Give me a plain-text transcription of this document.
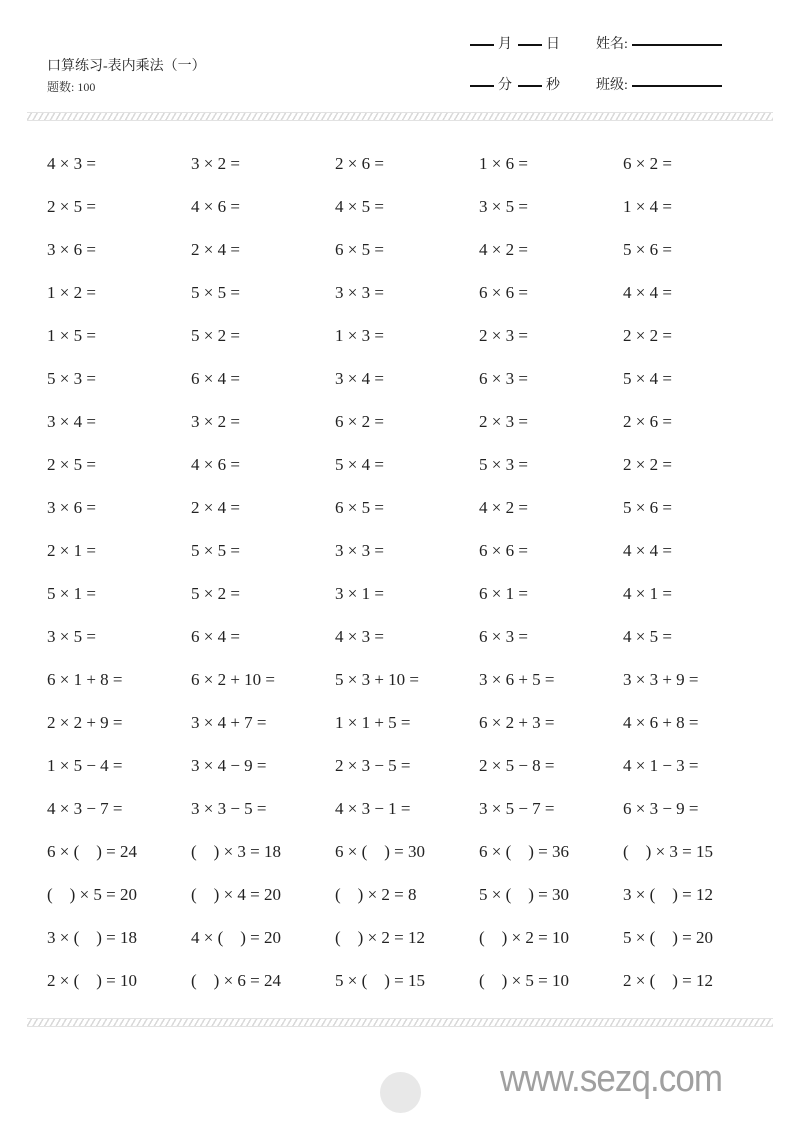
口算练习-表内乘法（一）
题数: 100
月 日	姓名:
分 秒	班级:
4 × 3 =	3 × 2 =	2 × 6 =	1 × 6 =	6 × 2 =
2 × 5 =	4 × 6 =	4 × 5 =	3 × 5 =	1 × 4 =
3 × 6 =	2 × 4 =	6 × 5 =	4 × 2 =	5 × 6 =
1 × 2 =	5 × 5 =	3 × 3 =	6 × 6 =	4 × 4 =
1 × 5 =	5 × 2 =	1 × 3 =	2 × 3 =	2 × 2 =
5 × 3 =	6 × 4 =	3 × 4 =	6 × 3 =	5 × 4 =
3 × 4 =	3 × 2 =	6 × 2 =	2 × 3 =	2 × 6 =
2 × 5 =	4 × 6 =	5 × 4 =	5 × 3 =	2 × 2 =
3 × 6 =	2 × 4 =	6 × 5 =	4 × 2 =	5 × 6 =
2 × 1 =	5 × 5 =	3 × 3 =	6 × 6 =	4 × 4 =
5 × 1 =	5 × 2 =	3 × 1 =	6 × 1 =	4 × 1 =
3 × 5 =	6 × 4 =	4 × 3 =	6 × 3 =	4 × 5 =
6 × 1 + 8 =	6 × 2 + 10 =	5 × 3 + 10 =	3 × 6 + 5 =	3 × 3 + 9 =
2 × 2 + 9 =	3 × 4 + 7 =	1 × 1 + 5 =	6 × 2 + 3 =	4 × 6 + 8 =
1 × 5 − 4 =	3 × 4 − 9 =	2 × 3 − 5 =	2 × 5 − 8 =	4 × 1 − 3 =
4 × 3 − 7 =	3 × 3 − 5 =	4 × 3 − 1 =	3 × 5 − 7 =	6 × 3 − 9 =
6 × (    ) = 24	(    ) × 3 = 18	6 × (    ) = 30	6 × (    ) = 36	(    ) × 3 = 15
(    ) × 5 = 20	(    ) × 4 = 20	(    ) × 2 = 8	5 × (    ) = 30	3 × (    ) = 12
3 × (    ) = 18	4 × (    ) = 20	(    ) × 2 = 12	(    ) × 2 = 10	5 × (    ) = 20
2 × (    ) = 10	(    ) × 6 = 24	5 × (    ) = 15	(    ) × 5 = 10	2 × (    ) = 12
www.sezq.com
